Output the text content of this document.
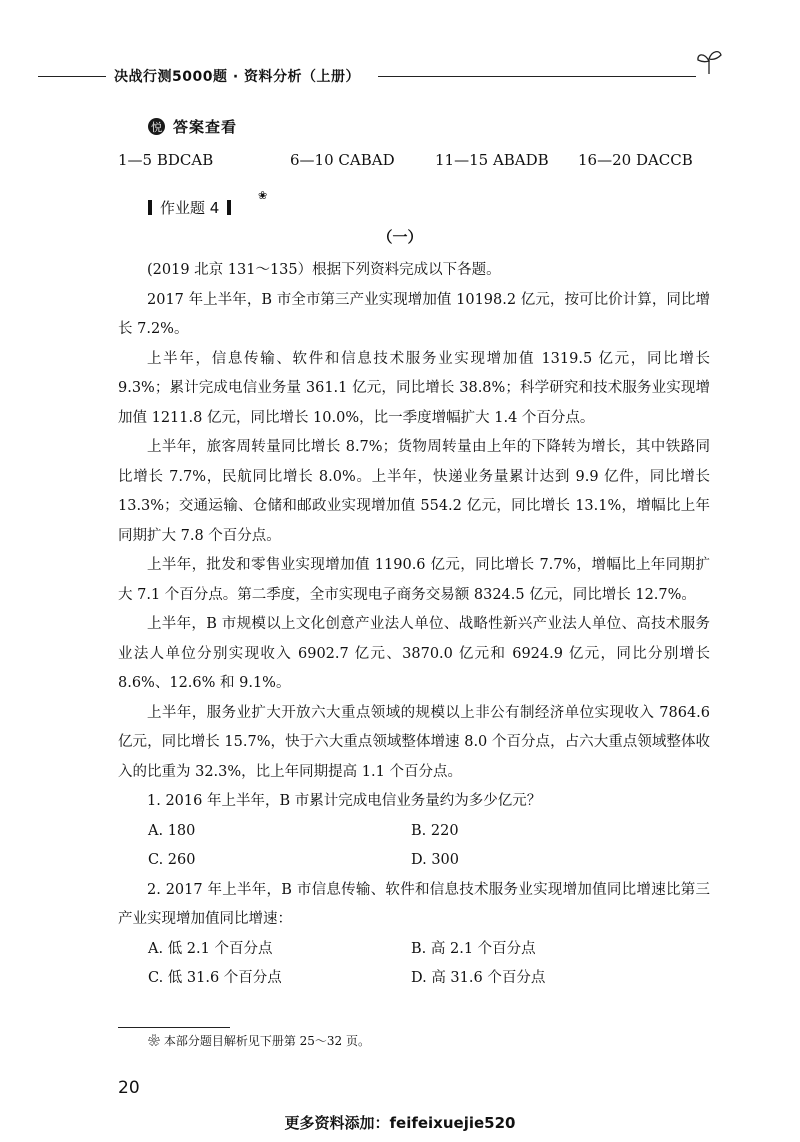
决战行测5000题 · 资料分析（上册）
悦 答案查看
1—5 BDCAB	6—10 CABAD	11—15 ABADB 16—20 DACCB
作业题 4
❀
（一）

(2019 北京 131～135）根据下列资料完成以下各题。

2017 年上半年，B 市全市第三产业实现增加值 10198.2 亿元，按可比价计算，同比增长 7.2%。

上半年，信息传输、软件和信息技术服务业实现增加值 1319.5 亿元，同比增长 9.3%；累计完成电信业务量 361.1 亿元，同比增长 38.8%；科学研究和技术服务业实现增加值 1211.8 亿元，同比增长 10.0%，比一季度增幅扩大 1.4 个百分点。

上半年，旅客周转量同比增长 8.7%；货物周转量由上年的下降转为增长，其中铁路同比增长 7.7%，民航同比增长 8.0%。上半年，快递业务量累计达到 9.9 亿件，同比增长 13.3%；交通运输、仓储和邮政业实现增加值 554.2 亿元，同比增长 13.1%，增幅比上年同期扩大 7.8 个百分点。

上半年，批发和零售业实现增加值 1190.6 亿元，同比增长 7.7%，增幅比上年同期扩大 7.1 个百分点。第二季度，全市实现电子商务交易额 8324.5 亿元，同比增长 12.7%。

上半年，B 市规模以上文化创意产业法人单位、战略性新兴产业法人单位、高技术服务业法人单位分别实现收入 6902.7 亿元、3870.0 亿元和 6924.9 亿元，同比分别增长 8.6%、12.6% 和 9.1%。

上半年，服务业扩大开放六大重点领域的规模以上非公有制经济单位实现收入 7864.6 亿元，同比增长 15.7%，快于六大重点领域整体增速 8.0 个百分点，占六大重点领域整体收入的比重为 32.3%，比上年同期提高 1.1 个百分点。

1. 2016 年上半年，B 市累计完成电信业务量约为多少亿元？

A. 180	B. 220
C. 260	D. 300

2. 2017 年上半年，B 市信息传输、软件和信息技术服务业实现增加值同比增速比第三产业实现增加值同比增速：

A. 低 2.1 个百分点	B. 高 2.1 个百分点
C. 低 31.6 个百分点	D. 高 31.6 个百分点
❀ 本部分题目解析见下册第 25～32 页。
20
更多资料添加：feifeixuejie520
